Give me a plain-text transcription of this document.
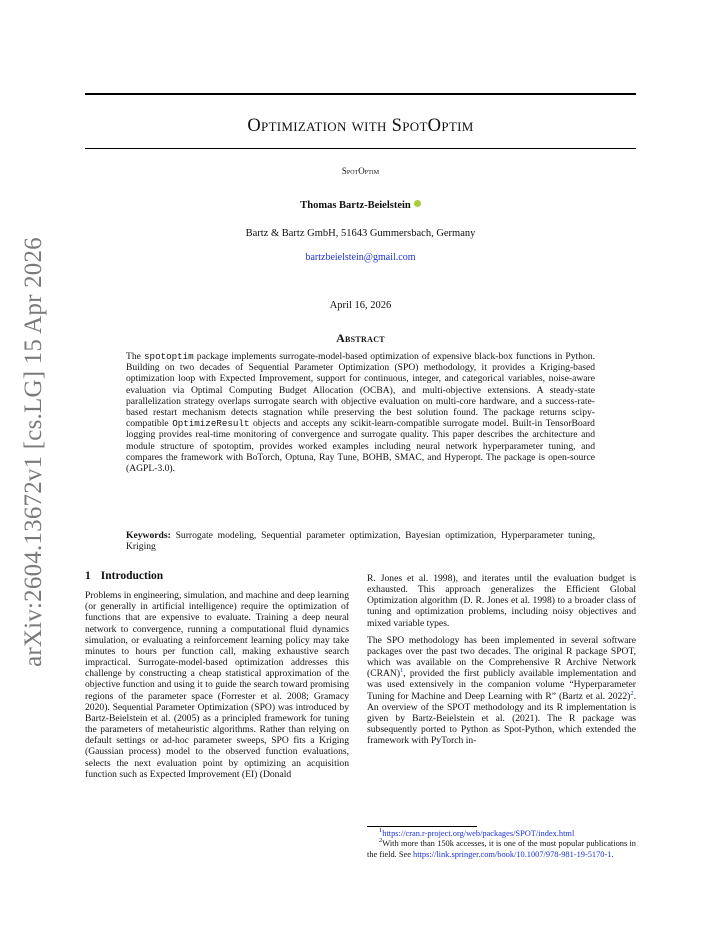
arXiv:2604.13672v1 [cs.LG] 15 Apr 2026
Optimization with SpotOptim
SpotOptim
Thomas Bartz-Beielstein
Bartz & Bartz GmbH, 51643 Gummersbach, Germany
bartzbeielstein@gmail.com
April 16, 2026
Abstract

The spotoptim package implements surrogate-model-based optimization of expensive black-box functions in Python. Building on two decades of Sequential Parameter Optimization (SPO) methodology, it provides a Kriging-based optimization loop with Expected Improvement, support for continuous, integer, and categorical variables, noise-aware evaluation via Optimal Computing Budget Allocation (OCBA), and multi-objective extensions. A steady-state parallelization strategy overlaps surrogate search with objective evaluation on multi-core hardware, and a success-rate-based restart mechanism detects stagnation while preserving the best solution found. The package returns scipy-compatible OptimizeResult objects and accepts any scikit-learn-compatible surrogate model. Built-in TensorBoard logging provides real-time monitoring of convergence and surrogate quality. This paper describes the architecture and module structure of spotoptim, provides worked examples including neural network hyperparameter tuning, and compares the framework with BoTorch, Optuna, Ray Tune, BOHB, SMAC, and Hyperopt. The package is open-source (AGPL-3.0).

Keywords: Surrogate modeling, Sequential parameter optimization, Bayesian optimization, Hyperparameter tuning, Kriging
1 Introduction

Problems in engineering, simulation, and machine and deep learning (or generally in artificial intelligence) require the optimization of functions that are expensive to evaluate. Training a deep neural network to convergence, running a computational fluid dynamics simulation, or evaluating a reinforcement learning policy may take minutes to hours per function call, making exhaustive search impractical. Surrogate-model-based optimization addresses this challenge by constructing a cheap statistical approximation of the objective function and using it to guide the search toward promising regions of the parameter space (Forrester et al. 2008; Gramacy 2020). Sequential Parameter Optimization (SPO) was introduced by Bartz-Beielstein et al. (2005) as a principled framework for tuning the parameters of metaheuristic algorithms. Rather than relying on default settings or ad-hoc parameter sweeps, SPO fits a Kriging (Gaussian process) model to the observed function evaluations, selects the next evaluation point by optimizing an acquisition function such as Expected Improvement (EI) (Donald

R. Jones et al. 1998), and iterates until the evaluation budget is exhausted. This approach generalizes the Efficient Global Optimization algorithm (D. R. Jones et al. 1998) to a broader class of tuning and optimization problems, including noisy objectives and mixed variable types.

The SPO methodology has been implemented in several software packages over the past two decades. The original R package SPOT, which was available on the Comprehensive R Archive Network (CRAN)$^1$, provided the first publicly available implementation and was used extensively in the companion volume “Hyperparameter Tuning for Machine and Deep Learning with R” (Bartz et al. 2022)$^2$. An overview of the SPOT methodology and its R implementation is given by Bartz-Beielstein et al. (2021). The R package was subsequently ported to Python as Spot-Python, which extended the framework with PyTorch in-

$^1$https://cran.r-project.org/web/packages/SPOT/index.html

$^2$With more than 150k accesses, it is one of the most popular publications in the field. See https://link.springer.com/book/10.1007/978-981-19-5170-1.
